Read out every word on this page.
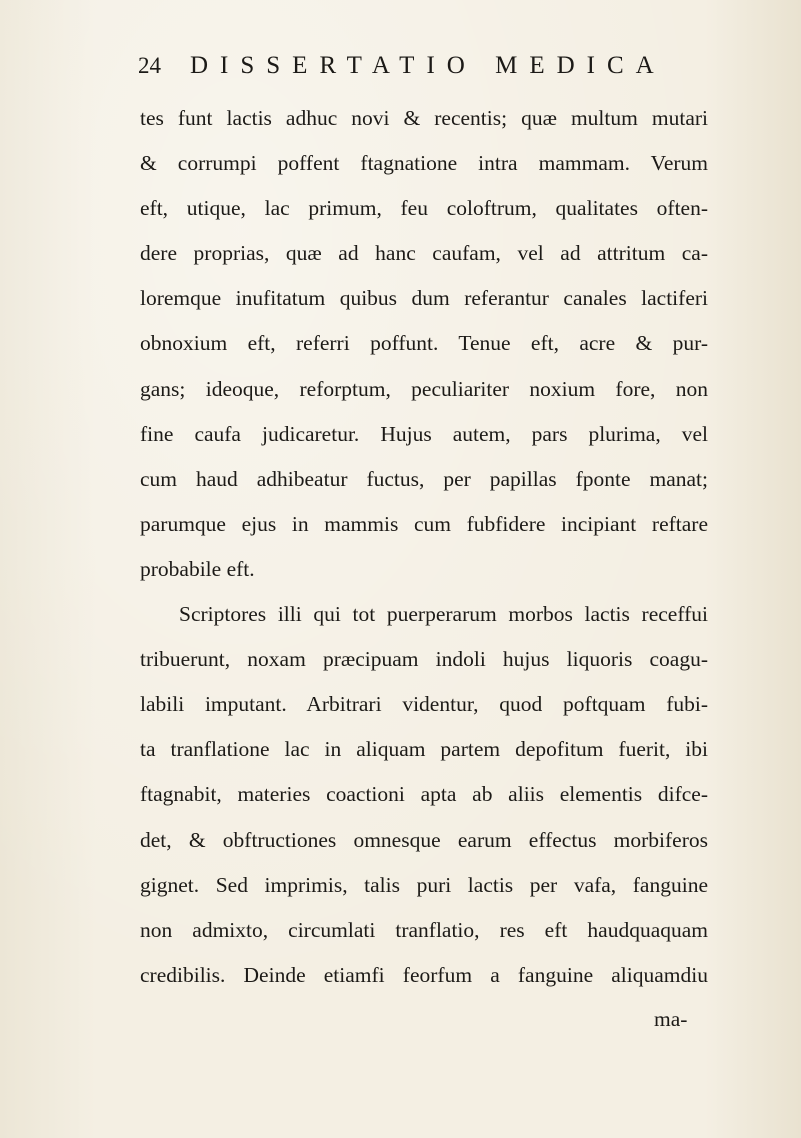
24	DISSERTATIO MEDICA
tes funt lactis adhuc novi & recentis; quæ multum mutari
& corrumpi poffent ftagnatione intra mammam. Verum
eft, utique, lac primum, feu coloftrum, qualitates often-
dere proprias, quæ ad hanc caufam, vel ad attritum ca-
loremque inufitatum quibus dum referantur canales lactiferi
obnoxium eft, referri poffunt. Tenue eft, acre & pur-
gans; ideoque, reforptum, peculiariter noxium fore, non
fine caufa judicaretur. Hujus autem, pars plurima, vel
cum haud adhibeatur fuctus, per papillas fponte manat;
parumque ejus in mammis cum fubfidere incipiant reftare
probabile eft.
Scriptores illi qui tot puerperarum morbos lactis receffui
tribuerunt, noxam præcipuam indoli hujus liquoris coagu-
labili imputant. Arbitrari videntur, quod poftquam fubi-
ta tranflatione lac in aliquam partem depofitum fuerit, ibi
ftagnabit, materies coactioni apta ab aliis elementis difce-
det, & obftructiones omnesque earum effectus morbiferos
gignet. Sed imprimis, talis puri lactis per vafa, fanguine
non admixto, circumlati tranflatio, res eft haudquaquam
credibilis. Deinde etiamfi feorfum a fanguine aliquamdiu
ma-
